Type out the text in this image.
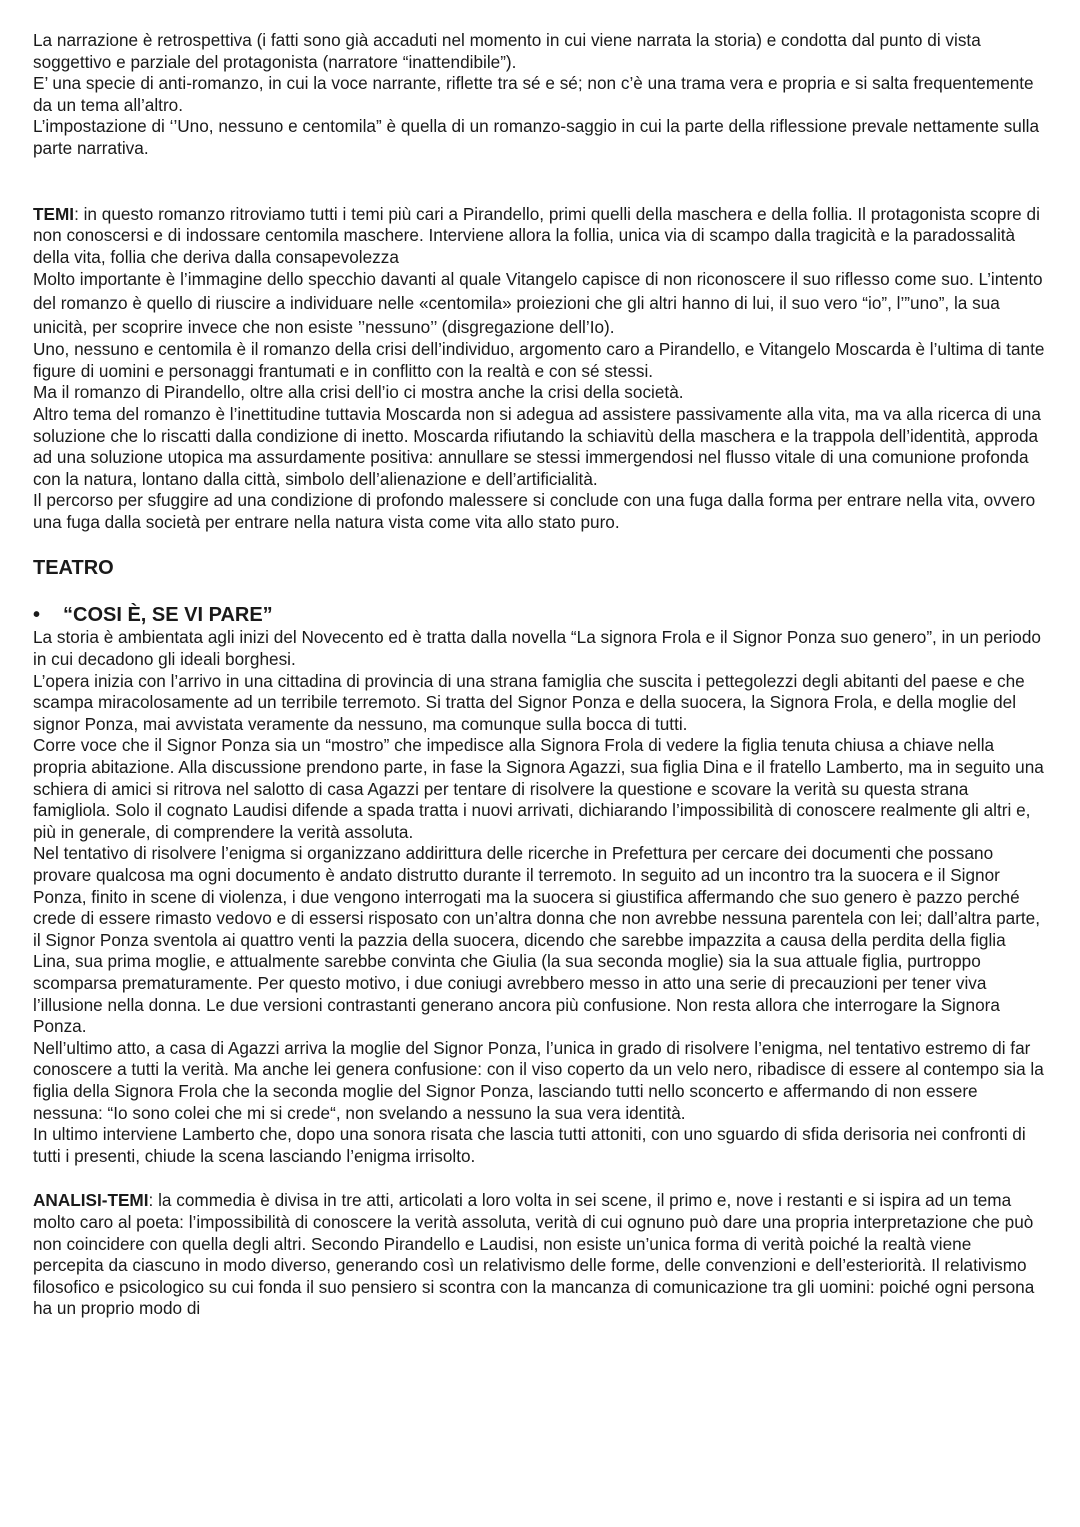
La narrazione è retrospettiva (i fatti sono già accaduti nel momento in cui viene narrata la storia) e condotta dal punto di vista soggettivo e parziale del protagonista (narratore “inattendibile”).

E’ una specie di anti-romanzo, in cui la voce narrante, riflette tra sé e sé; non c’è una trama vera e propria e si salta frequentemente da un tema all’altro.

L’impostazione di ‘’Uno, nessuno e centomila” è quella di un romanzo-saggio in cui la parte della riflessione prevale nettamente sulla parte narrativa.

TEMI: in questo romanzo ritroviamo tutti i temi più cari a Pirandello, primi quelli della maschera e della follia. Il protagonista scopre di non conoscersi e di indossare centomila maschere. Interviene allora la follia, unica via di scampo dalla tragicità e la paradossalità della vita, follia che deriva dalla consapevolezza

Molto importante è l’immagine dello specchio davanti al quale Vitangelo capisce di non riconoscere il suo riflesso come suo. L’intento del romanzo è quello di riuscire a individuare nelle «centomila» proiezioni che gli altri hanno di lui, il suo vero “io”, l’”uno”, la sua unicità, per scoprire invece che non esiste ’’nessuno’’ (disgregazione dell’Io).

Uno, nessuno e centomila è il romanzo della crisi dell’individuo, argomento caro a Pirandello, e Vitangelo Moscarda è l’ultima di tante figure di uomini e personaggi frantumati e in conflitto con la realtà e con sé stessi.

Ma il romanzo di Pirandello, oltre alla crisi dell’io ci mostra anche la crisi della società.

Altro tema del romanzo è l’inettitudine tuttavia Moscarda non si adegua ad assistere passivamente alla vita, ma va alla ricerca di una soluzione che lo riscatti dalla condizione di inetto. Moscarda rifiutando la schiavitù della maschera e la trappola dell’identità, approda ad una soluzione utopica ma assurdamente positiva: annullare se stessi immergendosi nel flusso vitale di una comunione profonda con la natura, lontano dalla città, simbolo dell’alienazione e dell’artificialità.

Il percorso per sfuggire ad una condizione di profondo malessere si conclude con una fuga dalla forma per entrare nella vita, ovvero una fuga dalla società per entrare nella natura vista come vita allo stato puro.

TEATRO

• “COSI È, SE VI PARE”

La storia è ambientata agli inizi del Novecento ed è tratta dalla novella “La signora Frola e il Signor Ponza suo genero”, in un periodo in cui decadono gli ideali borghesi.

L’opera inizia con l’arrivo in una cittadina di provincia di una strana famiglia che suscita i pettegolezzi degli abitanti del paese e che scampa miracolosamente ad un terribile terremoto. Si tratta del Signor Ponza e della suocera, la Signora Frola, e della moglie del signor Ponza, mai avvistata veramente da nessuno, ma comunque sulla bocca di tutti.

Corre voce che il Signor Ponza sia un “mostro” che impedisce alla Signora Frola di vedere la figlia tenuta chiusa a chiave nella propria abitazione. Alla discussione prendono parte, in fase la Signora Agazzi, sua figlia Dina e il fratello Lamberto, ma in seguito una schiera di amici si ritrova nel salotto di casa Agazzi per tentare di risolvere la questione e scovare la verità su questa strana famigliola. Solo il cognato Laudisi difende a spada tratta i nuovi arrivati, dichiarando l’impossibilità di conoscere realmente gli altri e, più in generale, di comprendere la verità assoluta.

Nel tentativo di risolvere l’enigma si organizzano addirittura delle ricerche in Prefettura per cercare dei documenti che possano provare qualcosa ma ogni documento è andato distrutto durante il terremoto. In seguito ad un incontro tra la suocera e il Signor Ponza, finito in scene di violenza, i due vengono interrogati ma la suocera si giustifica affermando che suo genero è pazzo perché crede di essere rimasto vedovo e di essersi risposato con un’altra donna che non avrebbe nessuna parentela con lei; dall’altra parte, il Signor Ponza sventola ai quattro venti la pazzia della suocera, dicendo che sarebbe impazzita a causa della perdita della figlia Lina, sua prima moglie, e attualmente sarebbe convinta che Giulia (la sua seconda moglie) sia la sua attuale figlia, purtroppo scomparsa prematuramente. Per questo motivo, i due coniugi avrebbero messo in atto una serie di precauzioni per tener viva l’illusione nella donna. Le due versioni contrastanti generano ancora più confusione. Non resta allora che interrogare la Signora Ponza.

Nell’ultimo atto, a casa di Agazzi arriva la moglie del Signor Ponza, l’unica in grado di risolvere l’enigma, nel tentativo estremo di far conoscere a tutti la verità. Ma anche lei genera confusione: con il viso coperto da un velo nero, ribadisce di essere al contempo sia la figlia della Signora Frola che la seconda moglie del Signor Ponza, lasciando tutti nello sconcerto e affermando di non essere nessuna: “Io sono colei che mi si crede“, non svelando a nessuno la sua vera identità.

In ultimo interviene Lamberto che, dopo una sonora risata che lascia tutti attoniti, con uno sguardo di sfida derisoria nei confronti di tutti i presenti, chiude la scena lasciando l’enigma irrisolto.

ANALISI-TEMI: la commedia è divisa in tre atti, articolati a loro volta in sei scene, il primo e, nove i restanti e si ispira ad un tema molto caro al poeta: l’impossibilità di conoscere la verità assoluta, verità di cui ognuno può dare una propria interpretazione che può non coincidere con quella degli altri. Secondo Pirandello e Laudisi, non esiste un’unica forma di verità poiché la realtà viene percepita da ciascuno in modo diverso, generando così un relativismo delle forme, delle convenzioni e dell’esteriorità. Il relativismo filosofico e psicologico su cui fonda il suo pensiero si scontra con la mancanza di comunicazione tra gli uomini: poiché ogni persona ha un proprio modo di
